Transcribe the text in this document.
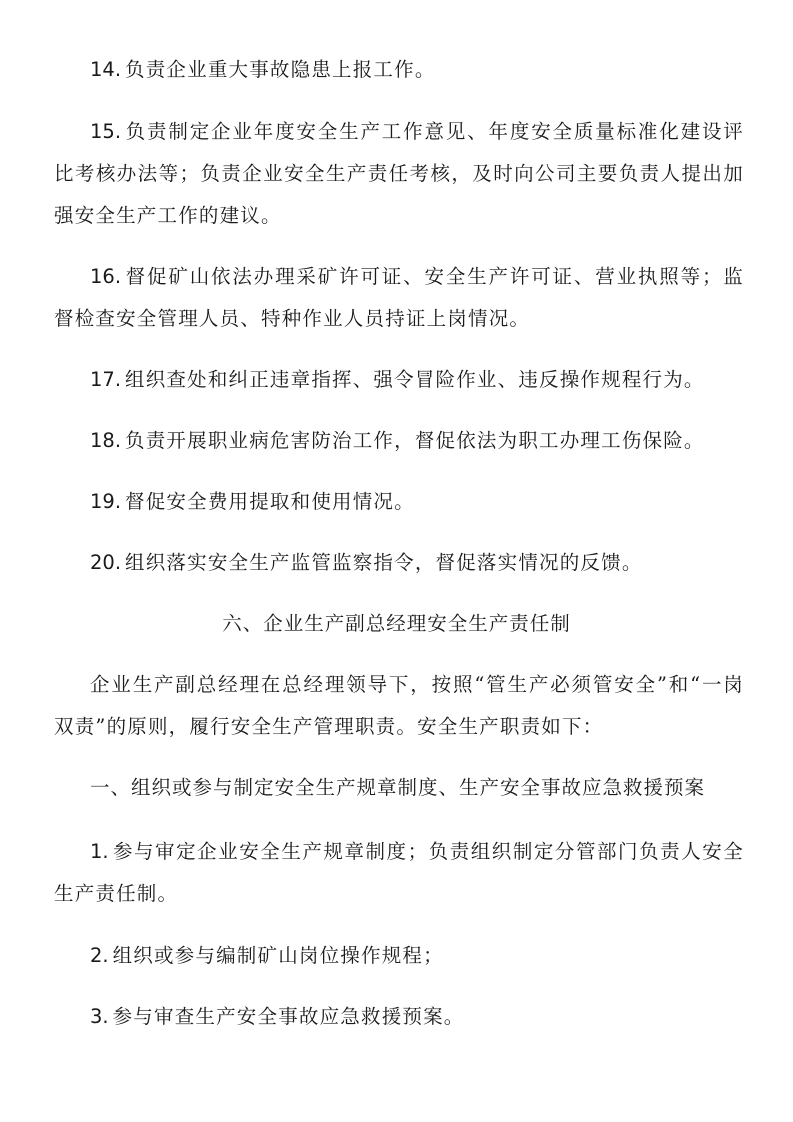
14. 负责企业重大事故隐患上报工作。

15. 负责制定企业年度安全生产工作意见、年度安全质量标准化建设评比考核办法等；负责企业安全生产责任考核，及时向公司主要负责人提出加强安全生产工作的建议。

16. 督促矿山依法办理采矿许可证、安全生产许可证、营业执照等；监督检查安全管理人员、特种作业人员持证上岗情况。

17. 组织查处和纠正违章指挥、强令冒险作业、违反操作规程行为。

18. 负责开展职业病危害防治工作，督促依法为职工办理工伤保险。

19. 督促安全费用提取和使用情况。

20. 组织落实安全生产监管监察指令，督促落实情况的反馈。

六、企业生产副总经理安全生产责任制

企业生产副总经理在总经理领导下，按照“管生产必须管安全”和“一岗双责”的原则，履行安全生产管理职责。安全生产职责如下：

一、组织或参与制定安全生产规章制度、生产安全事故应急救援预案

1. 参与审定企业安全生产规章制度；负责组织制定分管部门负责人安全生产责任制。

2. 组织或参与编制矿山岗位操作规程；

3. 参与审查生产安全事故应急救援预案。
